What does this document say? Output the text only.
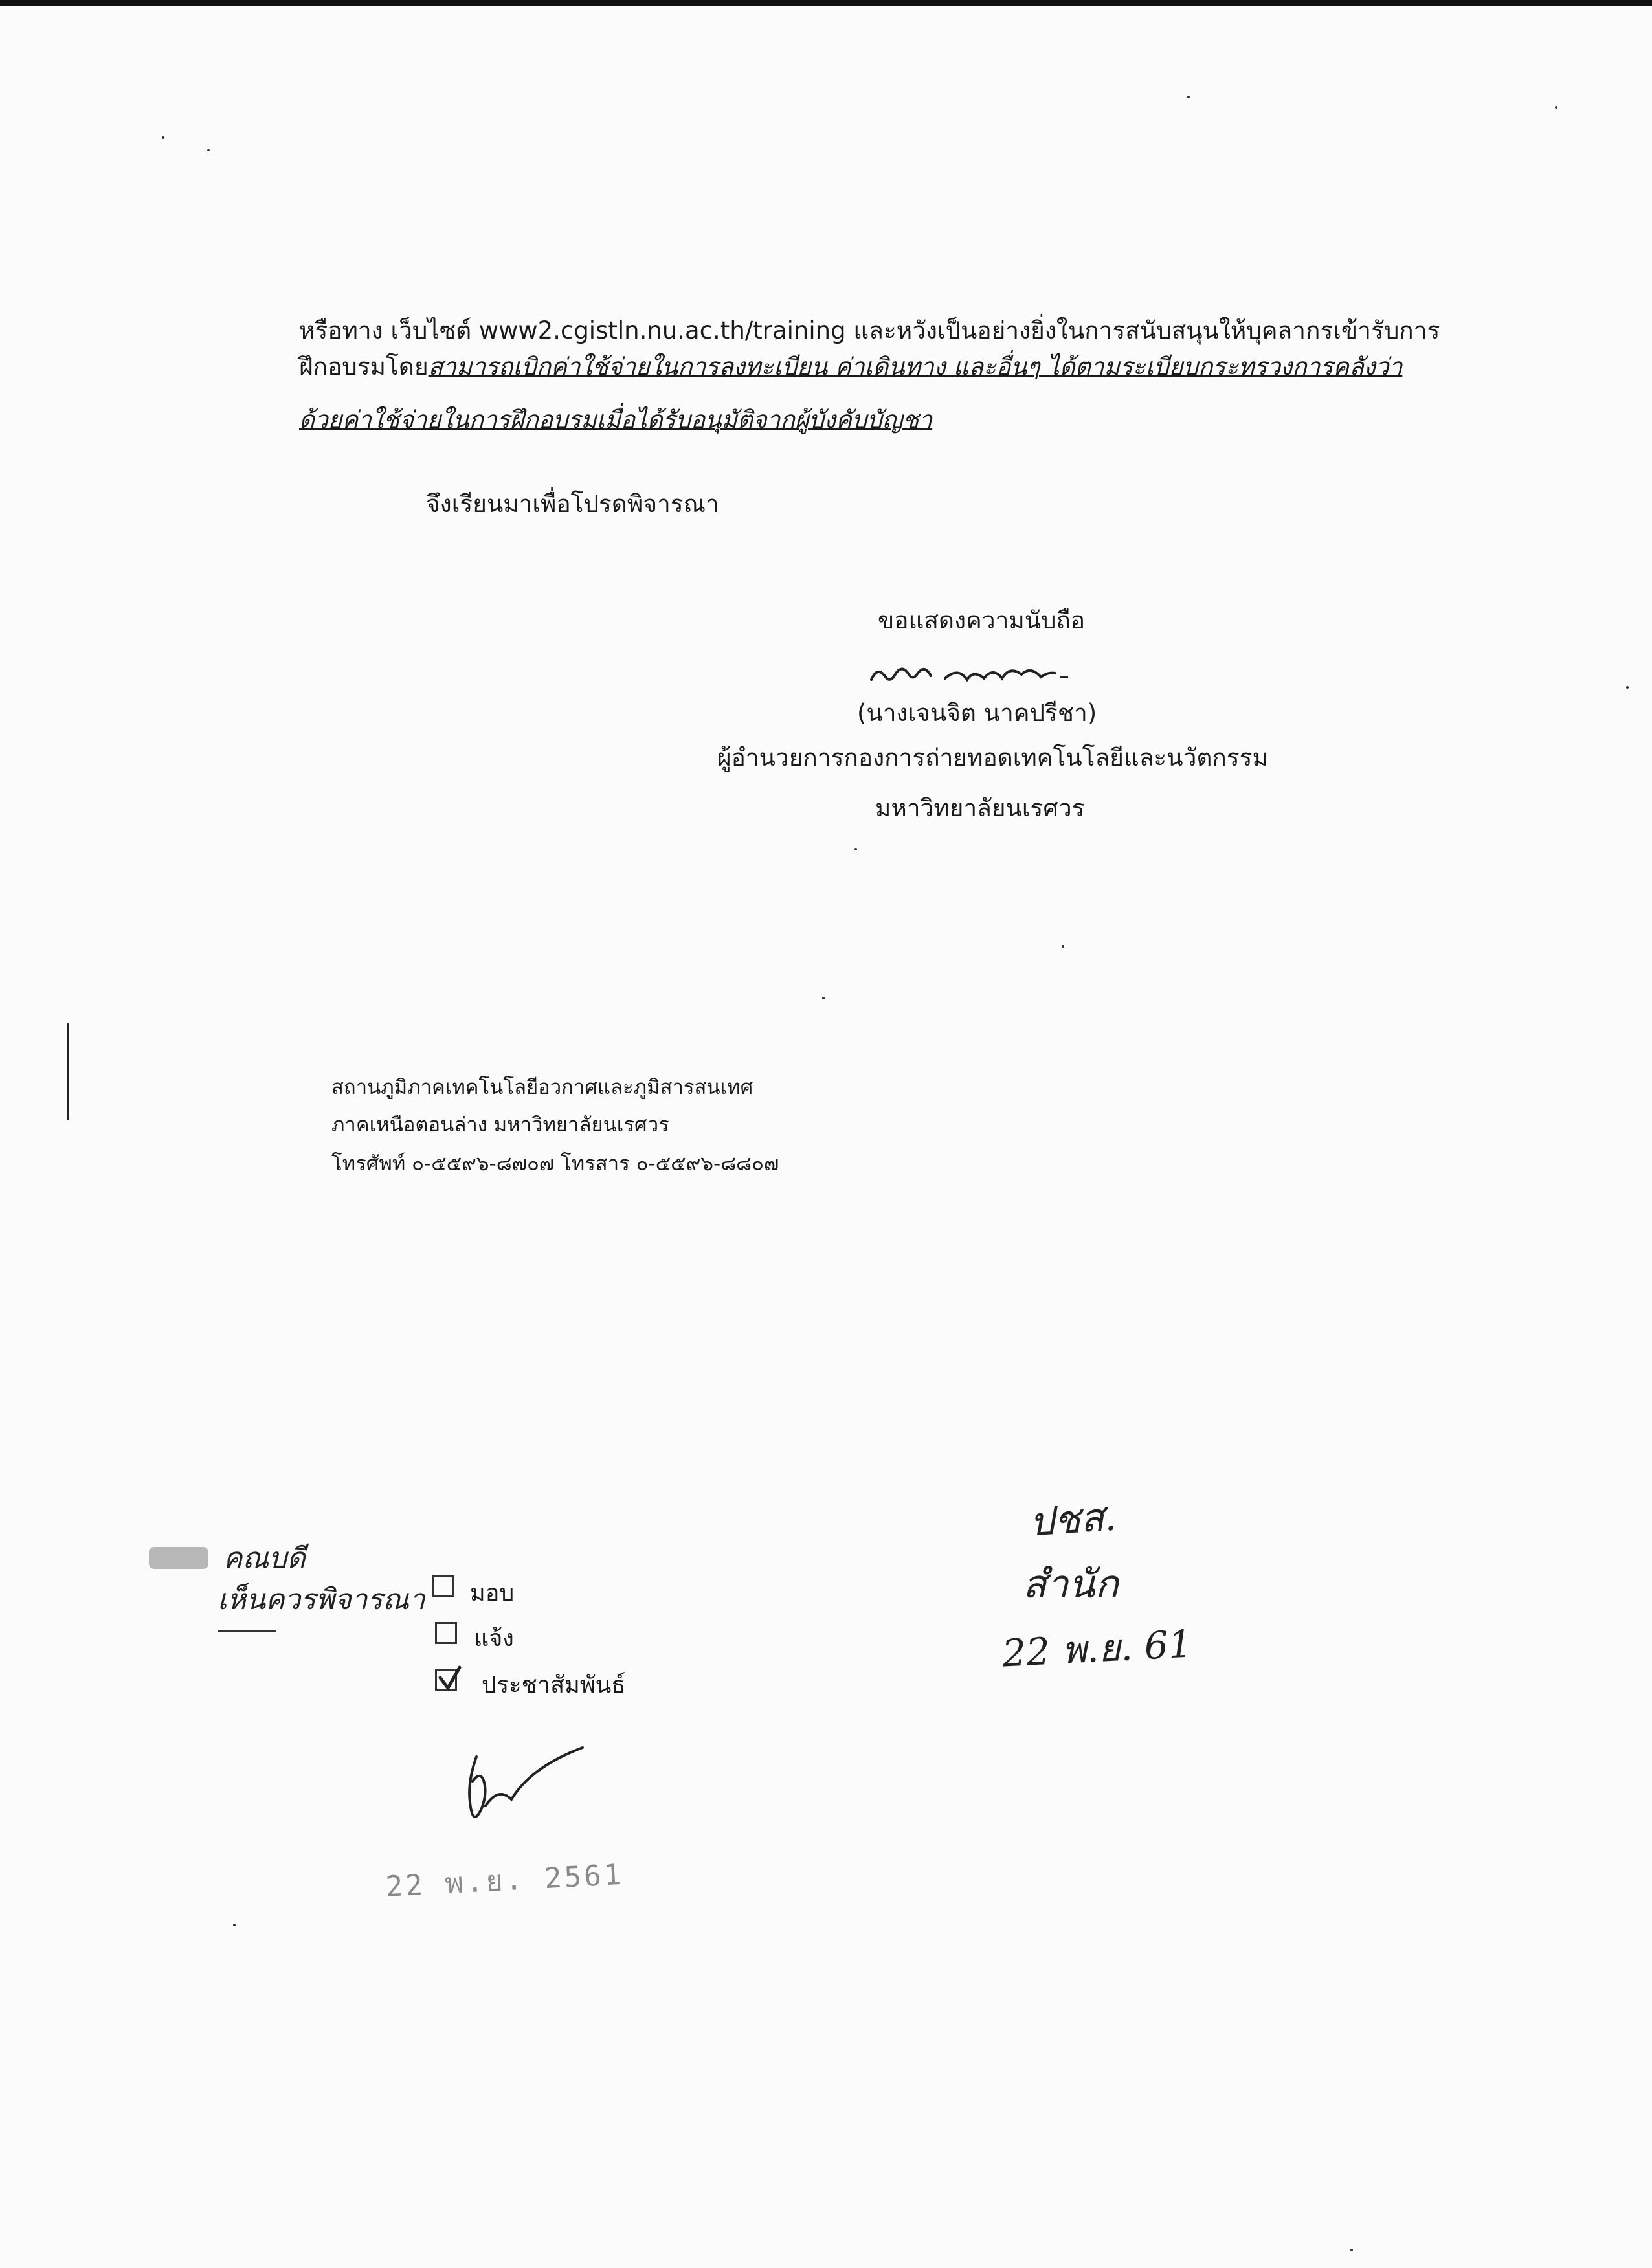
หรือทาง เว็บไซต์ www2.cgistln.nu.ac.th/training และหวังเป็นอย่างยิ่งในการสนับสนุนให้บุคลากรเข้ารับการ
ฝึกอบรมโดยสามารถเบิกค่าใช้จ่ายในการลงทะเบียน ค่าเดินทาง และอื่นๆ ได้ตามระเบียบกระทรวงการคลังว่า
ด้วยค่าใช้จ่ายในการฝึกอบรมเมื่อได้รับอนุมัติจากผู้บังคับบัญชา
จึงเรียนมาเพื่อโปรดพิจารณา
ขอแสดงความนับถือ
(นางเจนจิต นาคปรีชา)
ผู้อำนวยการกองการถ่ายทอดเทคโนโลยีและนวัตกรรม
มหาวิทยาลัยนเรศวร
สถานภูมิภาคเทคโนโลยีอวกาศและภูมิสารสนเทศ
ภาคเหนือตอนล่าง มหาวิทยาลัยนเรศวร
โทรศัพท์ ๐-๕๕๙๖-๘๗๐๗ โทรสาร ๐-๕๕๙๖-๘๘๐๗
คณบดี
เห็นควรพิจารณา มอบ
แจ้ง
ประชาสัมพันธ์
22 พ.ย. 2561
ปชส.
สำนัก
22 พ.ย. 61
